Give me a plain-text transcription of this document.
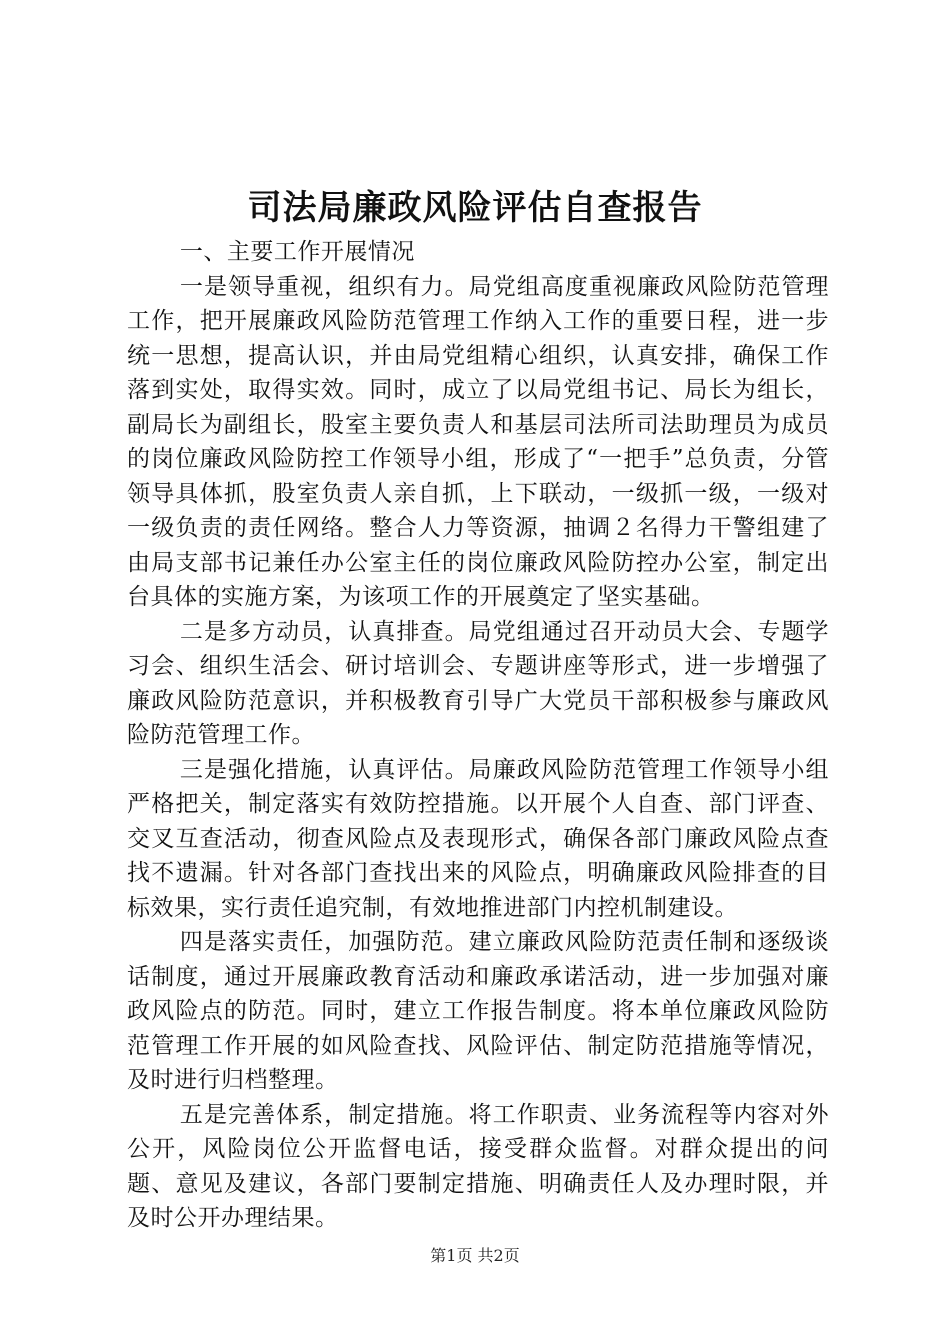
司法局廉政风险评估自查报告

一、主要工作开展情况

一是领导重视，组织有力。局党组高度重视廉政风险防范管理工作，把开展廉政风险防范管理工作纳入工作的重要日程，进一步统一思想，提高认识，并由局党组精心组织，认真安排，确保工作落到实处，取得实效。同时，成立了以局党组书记、局长为组长，副局长为副组长，股室主要负责人和基层司法所司法助理员为成员的岗位廉政风险防控工作领导小组，形成了“一把手”总负责，分管领导具体抓，股室负责人亲自抓，上下联动，一级抓一级，一级对一级负责的责任网络。整合人力等资源，抽调２名得力干警组建了由局支部书记兼任办公室主任的岗位廉政风险防控办公室，制定出台具体的实施方案，为该项工作的开展奠定了坚实基础。

二是多方动员，认真排查。局党组通过召开动员大会、专题学习会、组织生活会、研讨培训会、专题讲座等形式，进一步增强了廉政风险防范意识，并积极教育引导广大党员干部积极参与廉政风险防范管理工作。

三是强化措施，认真评估。局廉政风险防范管理工作领导小组严格把关，制定落实有效防控措施。以开展个人自查、部门评查、交叉互查活动，彻查风险点及表现形式，确保各部门廉政风险点查找不遗漏。针对各部门查找出来的风险点，明确廉政风险排查的目标效果，实行责任追究制，有效地推进部门内控机制建设。

四是落实责任，加强防范。建立廉政风险防范责任制和逐级谈话制度，通过开展廉政教育活动和廉政承诺活动，进一步加强对廉政风险点的防范。同时，建立工作报告制度。将本单位廉政风险防范管理工作开展的如风险查找、风险评估、制定防范措施等情况，及时进行归档整理。

五是完善体系，制定措施。将工作职责、业务流程等内容对外公开，风险岗位公开监督电话，接受群众监督。对群众提出的问题、意见及建议，各部门要制定措施、明确责任人及办理时限，并及时公开办理结果。

第1页 共2页
